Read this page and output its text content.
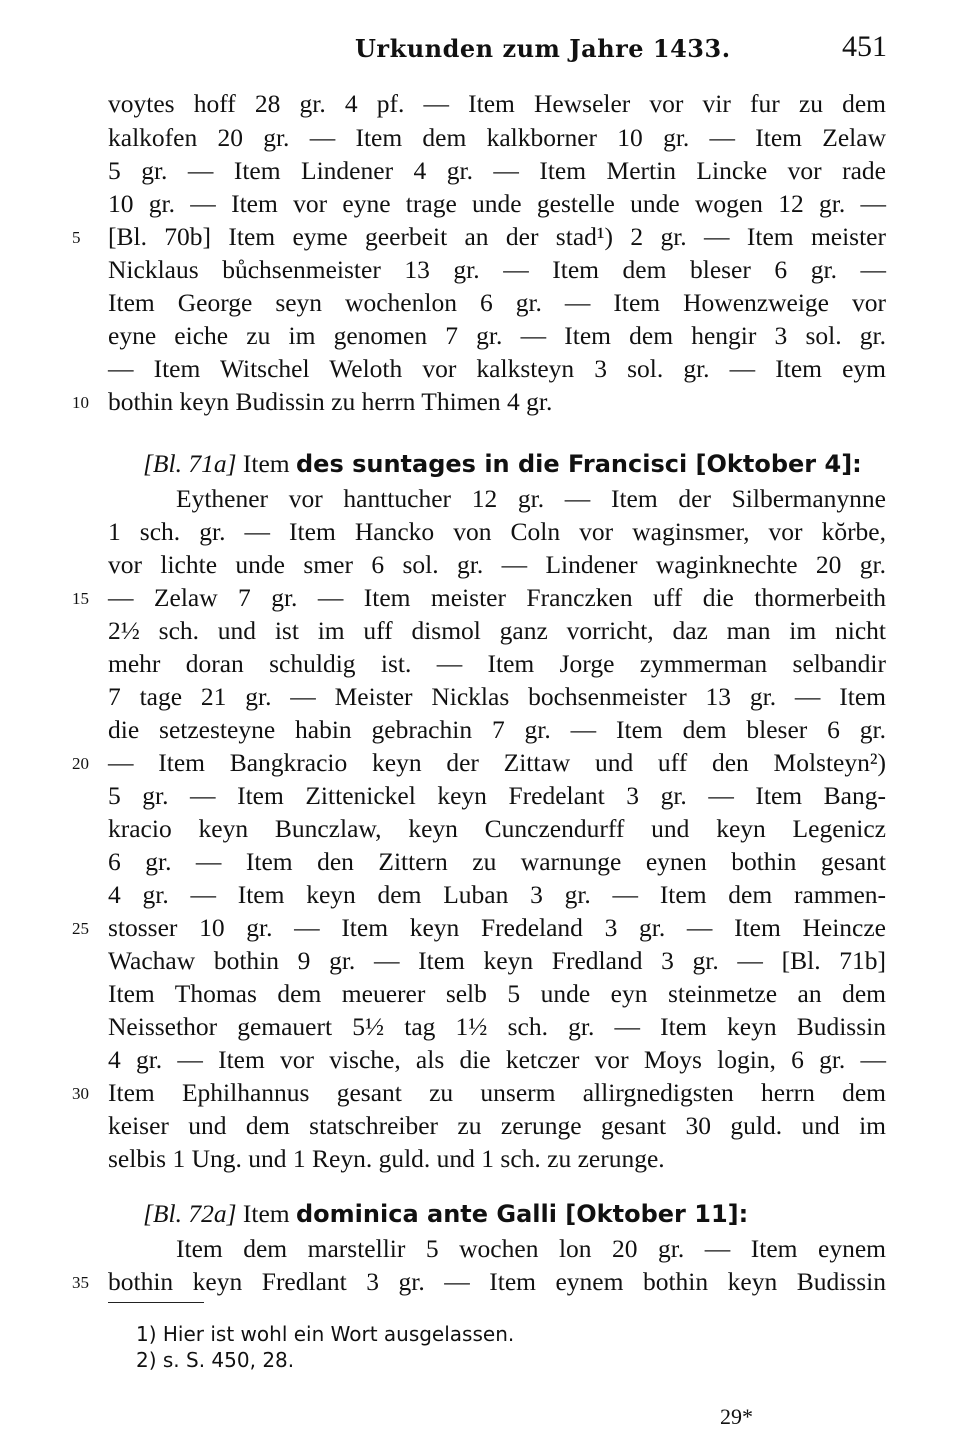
Urkunden zum Jahre 1433.	451
voytes hoff 28 gr. 4 pf. — Item Hewseler vor vir fur zu dem
kalkofen 20 gr. — Item dem kalkborner 10 gr. — Item Zelaw
5 gr. — Item Lindener 4 gr. — Item Mertin Lincke vor rade
10 gr. — Item vor eyne trage unde gestelle unde wogen 12 gr. —
[Bl. 70b] Item eyme geerbeit an der stad¹) 2 gr. — Item meister
Nicklaus bůchsenmeister 13 gr. — Item dem bleser 6 gr. —
Item George seyn wochenlon 6 gr. — Item Howenzweige vor
eyne eiche zu im genomen 7 gr. — Item dem hengir 3 sol. gr.
— Item Witschel Weloth vor kalksteyn 3 sol. gr. — Item eym
bothin keyn Budissin zu herrn Thimen 4 gr.
[Bl. 71a] Item des suntages in die Francisci [Oktober 4]:
Eythener vor hanttucher 12 gr. — Item der Silbermanynne
1 sch. gr. — Item Hancko von Coln vor waginsmer, vor kŏrbe,
vor lichte unde smer 6 sol. gr. — Lindener waginknechte 20 gr.
— Zelaw 7 gr. — Item meister Franczken uff die thormerbeith
2½ sch. und ist im uff dismol ganz vorricht, daz man im nicht
mehr doran schuldig ist. — Item Jorge zymmerman selbandir
7 tage 21 gr. — Meister Nicklas bochsenmeister 13 gr. — Item
die setzesteyne habin gebrachin 7 gr. — Item dem bleser 6 gr.
— Item Bangkracio keyn der Zittaw und uff den Molsteyn²)
5 gr. — Item Zittenickel keyn Fredelant 3 gr. — Item Bang-
kracio keyn Bunczlaw, keyn Cunczendurff und keyn Legenicz
6 gr. — Item den Zittern zu warnunge eynen bothin gesant
4 gr. — Item keyn dem Luban 3 gr. — Item dem rammen-
stosser 10 gr. — Item keyn Fredeland 3 gr. — Item Heincze
Wachaw bothin 9 gr. — Item keyn Fredland 3 gr. — [Bl. 71b]
Item Thomas dem meuerer selb 5 unde eyn steinmetze an dem
Neissethor gemauert 5½ tag 1½ sch. gr. — Item keyn Budissin
4 gr. — Item vor vische, als die ketczer vor Moys login, 6 gr. —
Item Ephilhannus gesant zu unserm allirgnedigsten herrn dem
keiser und dem statschreiber zu zerunge gesant 30 guld. und im
selbis 1 Ung. und 1 Reyn. guld. und 1 sch. zu zerunge.
[Bl. 72a] Item dominica ante Galli [Oktober 11]:
Item dem marstellir 5 wochen lon 20 gr. — Item eynem
bothin keyn Fredlant 3 gr. — Item eynem bothin keyn Budissin
5
10
15
20
25
30
35
1) Hier ist wohl ein Wort ausgelassen.
2) s. S. 450, 28.
29*
